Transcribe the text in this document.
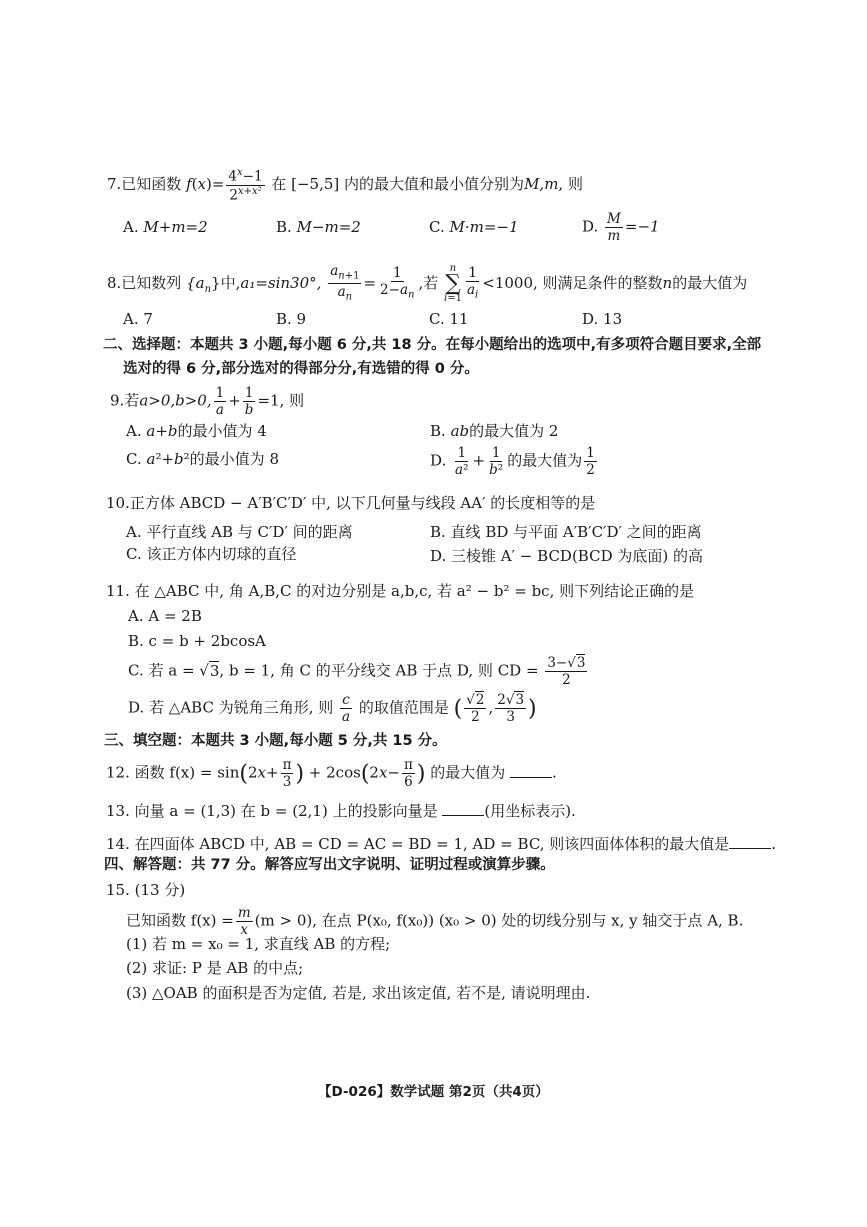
7.已知函数 $f(x)= \frac{4^x-1}{2^{x+x^2}}$ 在 [−5,5] 内的最大值和最小值分别为M,m, 则
A. M+m=2	B. M−m=2	C. M·m=−1	D. $\frac{M}{m} =-1$
8.已知数列 $\{a_n\}$中,a₁=sin30°, $\frac{a_{n+1}}{a_n} = \frac{1}{2-a_n}$ ,若
n
∑
$i=1 \frac{1}{a_i} <1000$, 则满足条件的整数n的最大值为
A. 7	B. 9	C. 11	D. 13
二、选择题：本题共 3 小题,每小题 6 分,共 18 分。在每小题给出的选项中,有多项符合题目要求,全部
选对的得 6 分,部分选对的得部分分,有选错的得 0 分。
9.若a>0,b>0, $\frac{1}{a} + \frac{1}{b} =1$, 则
A. a+b的最小值为 4	B. ab的最大值为 2
C. a²+b²的最小值为 8	D. $\frac{1}{\text{a²}} + \frac{1}{\text{b²}}$ 的最大值为 $\frac{1}{2}$
10.正方体 ABCD − A′B′C′D′ 中, 以下几何量与线段 AA′ 的长度相等的是
A. 平行直线 AB 与 C′D′ 间的距离	B. 直线 BD 与平面 A′B′C′D′ 之间的距离
C. 该正方体内切球的直径	D. 三棱锥 A′ − BCD(BCD 为底面) 的高
11. 在 △ABC 中, 角 A,B,C 的对边分别是 a,b,c, 若 a² − b² = bc, 则下列结论正确的是
A. A = 2B
B. c = b + 2bcosA
C. 若 a = √3, b = 1, 角 C 的平分线交 AB 于点 D, 则 CD = $\frac{3-√3}{2}$
D. 若 △ABC 为锐角三角形, 则 $\frac{c}{a}$ 的取值范围是 ( $\frac{√2}{2}$ , $\frac{2√3}{3}$ )
三、填空题：本题共 3 小题,每小题 5 分,共 15 分。
12. 函数 $f(x) = \sin(2x+ \frac{\pi}{3}$ ) + $2\cos(2x- \frac{\pi}{6}$ ) 的最大值为	.
13. 向量 a = (1,3) 在 b = (2,1) 上的投影向量是	(用坐标表示).
14. 在四面体 ABCD 中, AB = CD = AC = BD = 1, AD = BC, 则该四面体体积的最大值是	.
四、解答题：共 77 分。解答应写出文字说明、证明过程或演算步骤。
15. (13 分)
已知函数 $f(x) = \frac{m}{x} (m > 0)$, 在点 P(x₀, f(x₀)) (x₀ > 0) 处的切线分别与 x, y 轴交于点 A, B.
(1) 若 m = x₀ = 1, 求直线 AB 的方程;
(2) 求证: P 是 AB 的中点;
(3) △OAB 的面积是否为定值, 若是, 求出该定值, 若不是, 请说明理由.
【D-026】数学试题 第2页（共4页）
